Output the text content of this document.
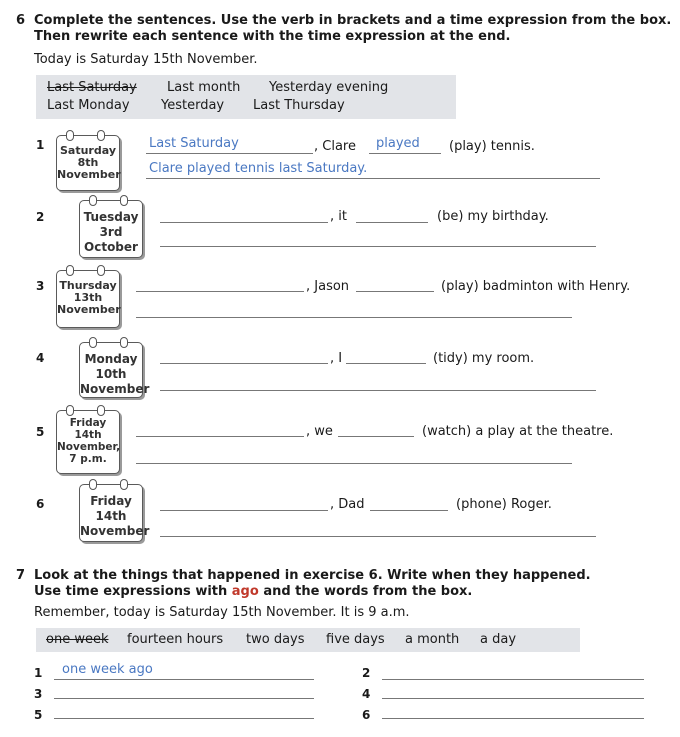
6 Complete the sentences. Use the verb in brackets and a time expression from the box.
Then rewrite each sentence with the time expression at the end.
Today is Saturday 15th November.
Last Saturday Last month Yesterday evening
Last Monday Yesterday Last Thursday
1 Saturday
8th
November
Last Saturday	, Clare played (play) tennis.
Clare played tennis last Saturday.
2	Tuesday
3rd
October
, it	(be) my birthday.
3 Thursday
13th
November
, Jason	(play) badminton with Henry.
4	Monday
10th
November
, I	(tidy) my room.
5
Friday
14th
November,
7 p.m.
, we	(watch) a play at the theatre.
6	Friday
14th
November
, Dad	(phone) Roger.
7 Look at the things that happened in exercise 6. Write when they happened.
Use time expressions with ago and the words from the box.
Remember, today is Saturday 15th November. It is 9 a.m.
one week fourteen hours two days five days a month a day
1 one week ago	2
3	4
5	6
